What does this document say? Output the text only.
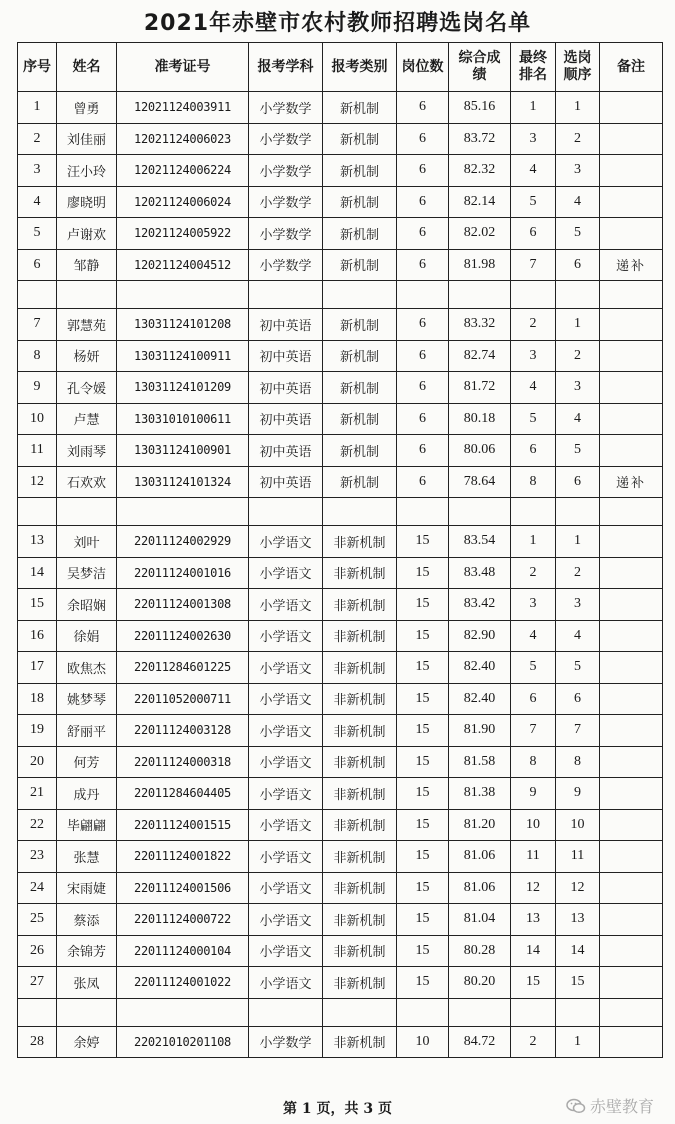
2021年赤壁市农村教师招聘选岗名单
序号	姓名	准考证号	报考学科	报考类别	岗位数	综合成绩	最终排名	选岗顺序	备注
1	曾勇	12021124003911	小学数学	新机制	6	85.16	1	1	
2	刘佳丽	12021124006023	小学数学	新机制	6	83.72	3	2	
3	汪小玲	12021124006224	小学数学	新机制	6	82.32	4	3	
4	廖晓明	12021124006024	小学数学	新机制	6	82.14	5	4	
5	卢谢欢	12021124005922	小学数学	新机制	6	82.02	6	5	
6	邹静	12021124004512	小学数学	新机制	6	81.98	7	6	递补

7	郭慧苑	13031124101208	初中英语	新机制	6	83.32	2	1	
8	杨妍	13031124100911	初中英语	新机制	6	82.74	3	2	
9	孔令媛	13031124101209	初中英语	新机制	6	81.72	4	3	
10	卢慧	13031010100611	初中英语	新机制	6	80.18	5	4	
11	刘雨琴	13031124100901	初中英语	新机制	6	80.06	6	5	
12	石欢欢	13031124101324	初中英语	新机制	6	78.64	8	6	递补

13	刘叶	22011124002929	小学语文	非新机制	15	83.54	1	1	
14	吴梦洁	22011124001016	小学语文	非新机制	15	83.48	2	2	
15	余昭娴	22011124001308	小学语文	非新机制	15	83.42	3	3	
16	徐娟	22011124002630	小学语文	非新机制	15	82.90	4	4	
17	欧焦杰	22011284601225	小学语文	非新机制	15	82.40	5	5	
18	姚梦琴	22011052000711	小学语文	非新机制	15	82.40	6	6	
19	舒丽平	22011124003128	小学语文	非新机制	15	81.90	7	7	
20	何芳	22011124000318	小学语文	非新机制	15	81.58	8	8	
21	成丹	22011284604405	小学语文	非新机制	15	81.38	9	9	
22	毕翩翩	22011124001515	小学语文	非新机制	15	81.20	10	10	
23	张慧	22011124001822	小学语文	非新机制	15	81.06	11	11	
24	宋雨婕	22011124001506	小学语文	非新机制	15	81.06	12	12	
25	蔡添	22011124000722	小学语文	非新机制	15	81.04	13	13	
26	余锦芳	22011124000104	小学语文	非新机制	15	80.28	14	14	
27	张凤	22011124001022	小学语文	非新机制	15	80.20	15	15	

28	余婷	22021010201108	小学数学	非新机制	10	84.72	2	1	
第 1 页，共 3 页	赤壁教育
